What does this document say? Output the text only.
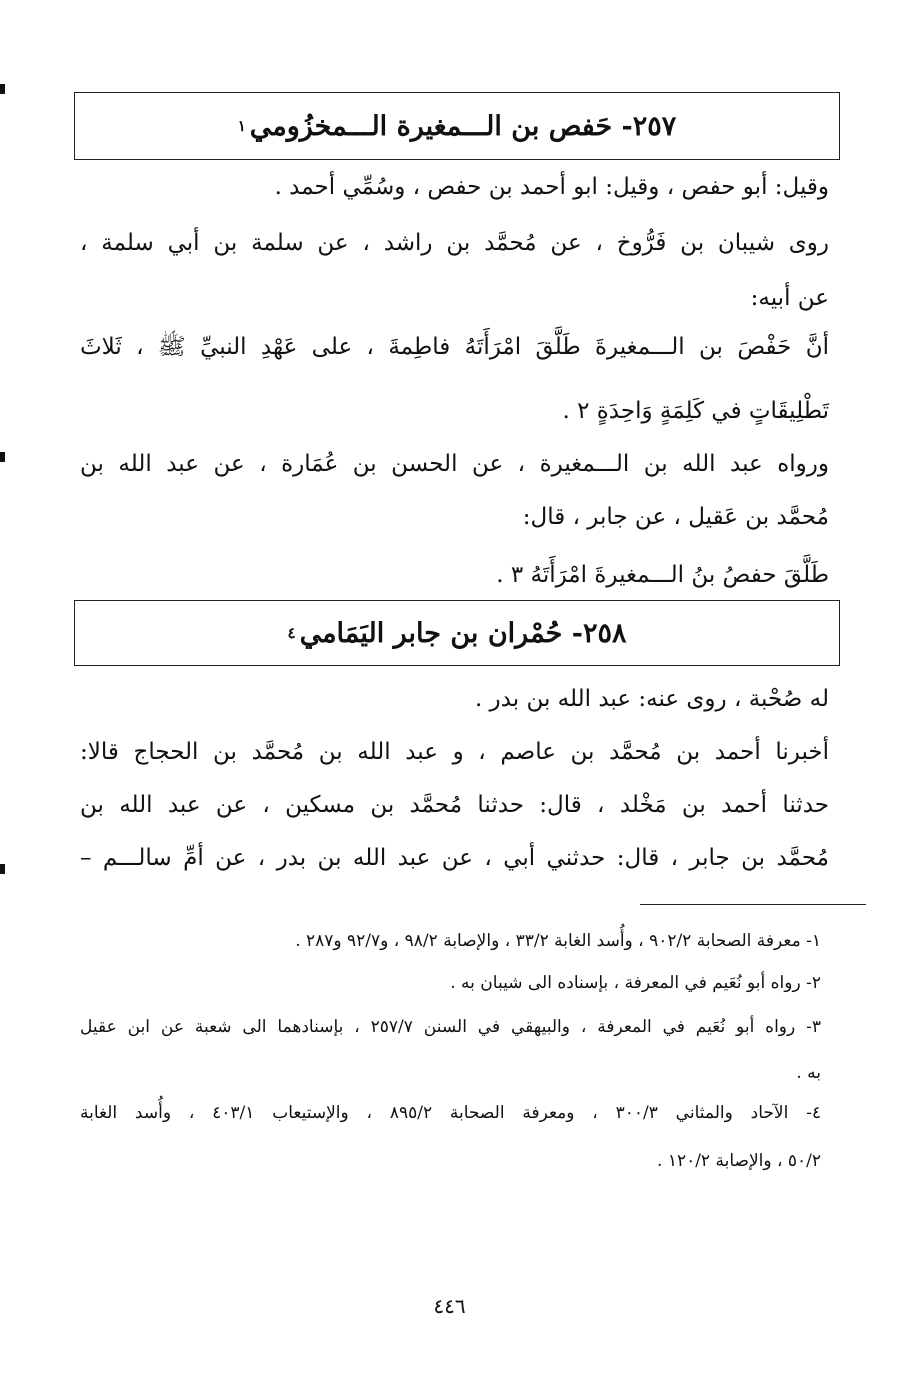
٢٥٧- حَفص بن الـــمغيرة الـــمخزُومي
١
وقيل: أبو حفص ، وقيل: ابو أحمد بن حفص ، وسُمِّي أحمد .
روى شيبان بن فَرُّوخ ، عن مُحمَّد بن راشد ، عن سلمة بن أبي سلمة ،
عن أبيه:
أنَّ حَفْصَ بن الـــمغيرةَ طَلَّقَ امْرَأَتَهُ فاطِمةَ ، على عَهْدِ النبيِّ ﷺ ، ثَلاثَ
تَطْلِيقَاتٍ في كَلِمَةٍ وَاحِدَةٍ ٢ .
ورواه عبد الله بن الـــمغيرة ، عن الحسن بن عُمَارة ، عن عبد الله بن
مُحمَّد بن عَقيل ، عن جابر ، قال:
طَلَّقَ حفصُ بنُ الـــمغيرةَ امْرَأَتَهُ ٣ .
٢٥٨- حُمْران بن جابر اليَمَامي
٤
له صُحْبة ، روى عنه: عبد الله بن بدر .
أخبرنا أحمد بن مُحمَّد بن عاصم ، و عبد الله بن مُحمَّد بن الحجاج قالا:
حدثنا أحمد بن مَخْلد ، قال: حدثنا مُحمَّد بن مسكين ، عن عبد الله بن
مُحمَّد بن جابر ، قال: حدثني أبي ، عن عبد الله بن بدر ، عن أمِّ سالـــم –
١- معرفة الصحابة ٩٠٢/٢ ، وأُسد الغابة ٣٣/٢ ، والإصابة ٩٨/٢ ، و٩٢/٧ و٢٨٧ .
٢- رواه أبو نُعَيم في المعرفة ، بإسناده الى شيبان به .
٣- رواه أبو نُعَيم في المعرفة ، والبيهقي في السنن ٢٥٧/٧ ، بإسنادهما الى شعبة عن ابن عقيل
به .
٤- الآحاد والمثاني ٣٠٠/٣ ، ومعرفة الصحابة ٨٩٥/٢ ، والإستيعاب ٤٠٣/١ ، وأُسد الغابة
٥٠/٢ ، والإصابة ١٢٠/٢ .
٤٤٦
